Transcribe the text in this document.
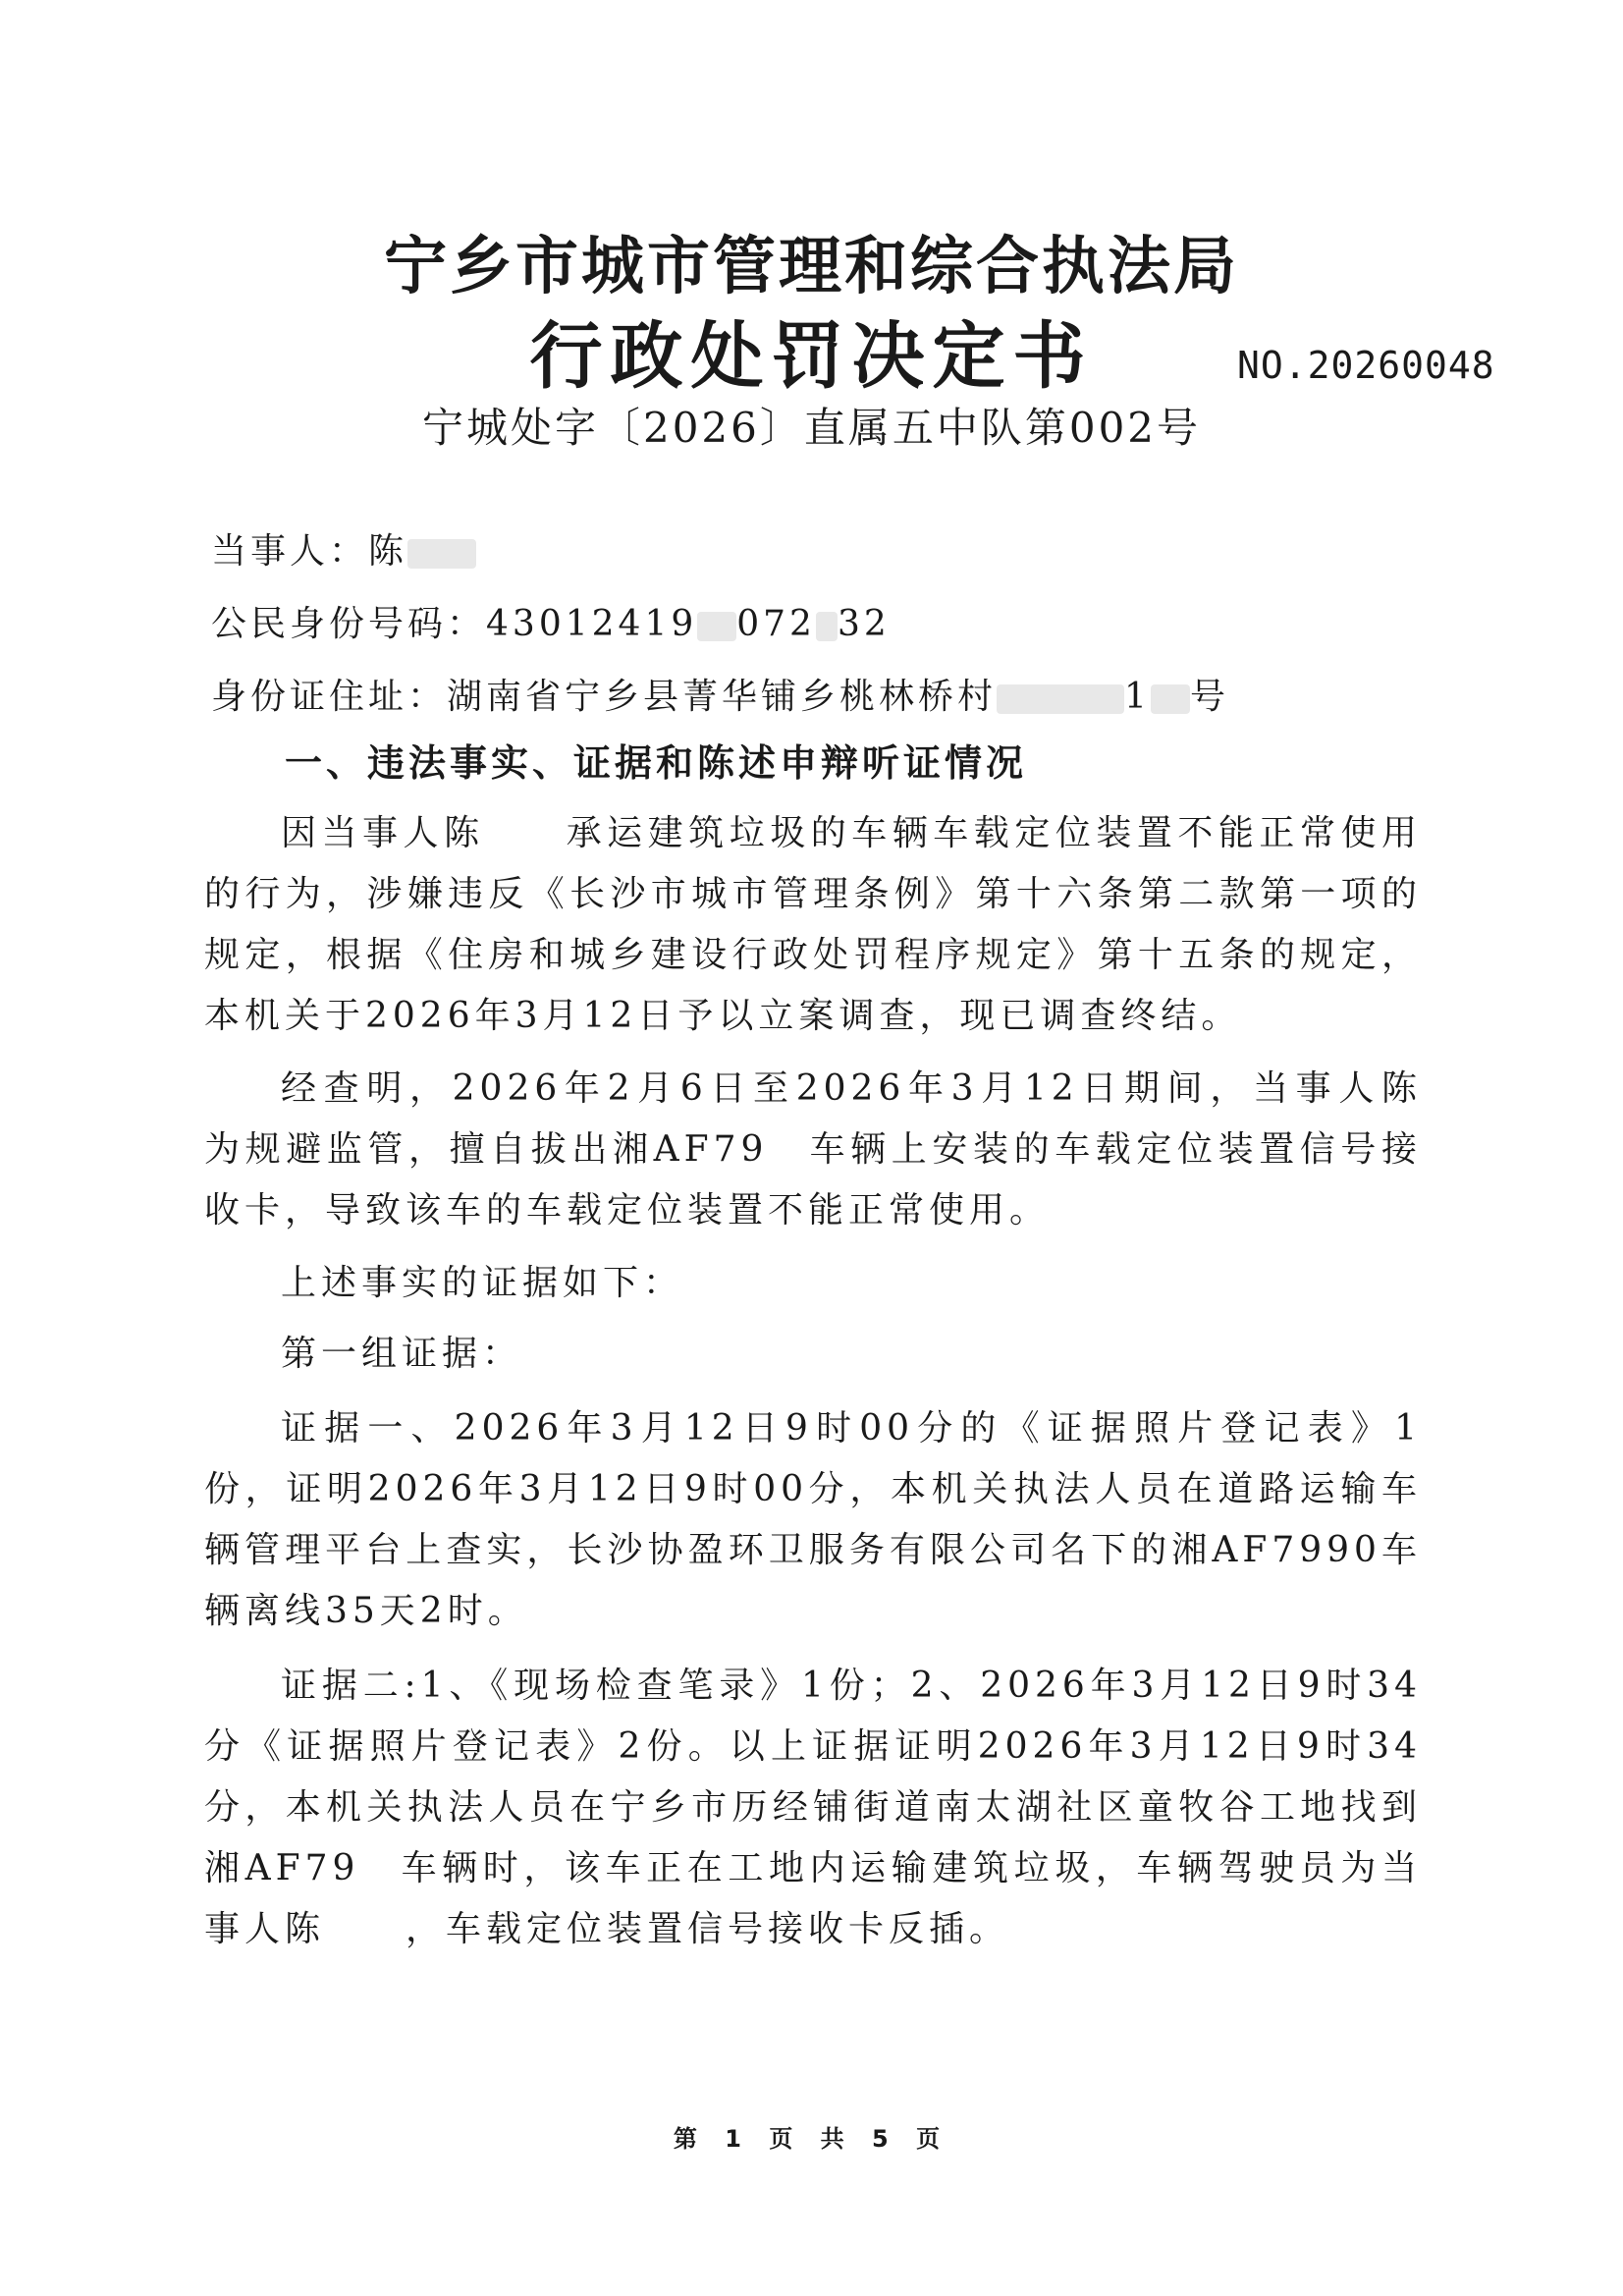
宁乡市城市管理和综合执法局
行政处罚决定书	NO.20260048
宁城处字〔2026〕直属五中队第002号
当事人：陈
公民身份号码：43012419 072 32
身份证住址：湖南省宁乡县菁华铺乡桃林桥村	1 号
一、违法事实、证据和陈述申辩听证情况

因当事人陈　　承运建筑垃圾的车辆车载定位装置不能正常使用的行为，涉嫌违反《长沙市城市管理条例》第十六条第二款第一项的规定，根据《住房和城乡建设行政处罚程序规定》第十五条的规定，本机关于2026年3月12日予以立案调查，现已调查终结。

经查明，2026年2月6日至2026年3月12日期间，当事人陈　　为规避监管，擅自拔出湘AF79　车辆上安装的车载定位装置信号接收卡，导致该车的车载定位装置不能正常使用。

上述事实的证据如下：

第一组证据：

证据一、2026年3月12日9时00分的《证据照片登记表》1份，证明2026年3月12日9时00分，本机关执法人员在道路运输车辆管理平台上查实，长沙协盈环卫服务有限公司名下的湘AF7990车辆离线35天2时。

证据二:1、《现场检查笔录》1份；2、2026年3月12日9时34分《证据照片登记表》2份。以上证据证明2026年3月12日9时34分，本机关执法人员在宁乡市历经铺街道南太湖社区童牧谷工地找到湘AF79　车辆时，该车正在工地内运输建筑垃圾，车辆驾驶员为当事人陈　　，车载定位装置信号接收卡反插。

第 1 页 共 5 页
